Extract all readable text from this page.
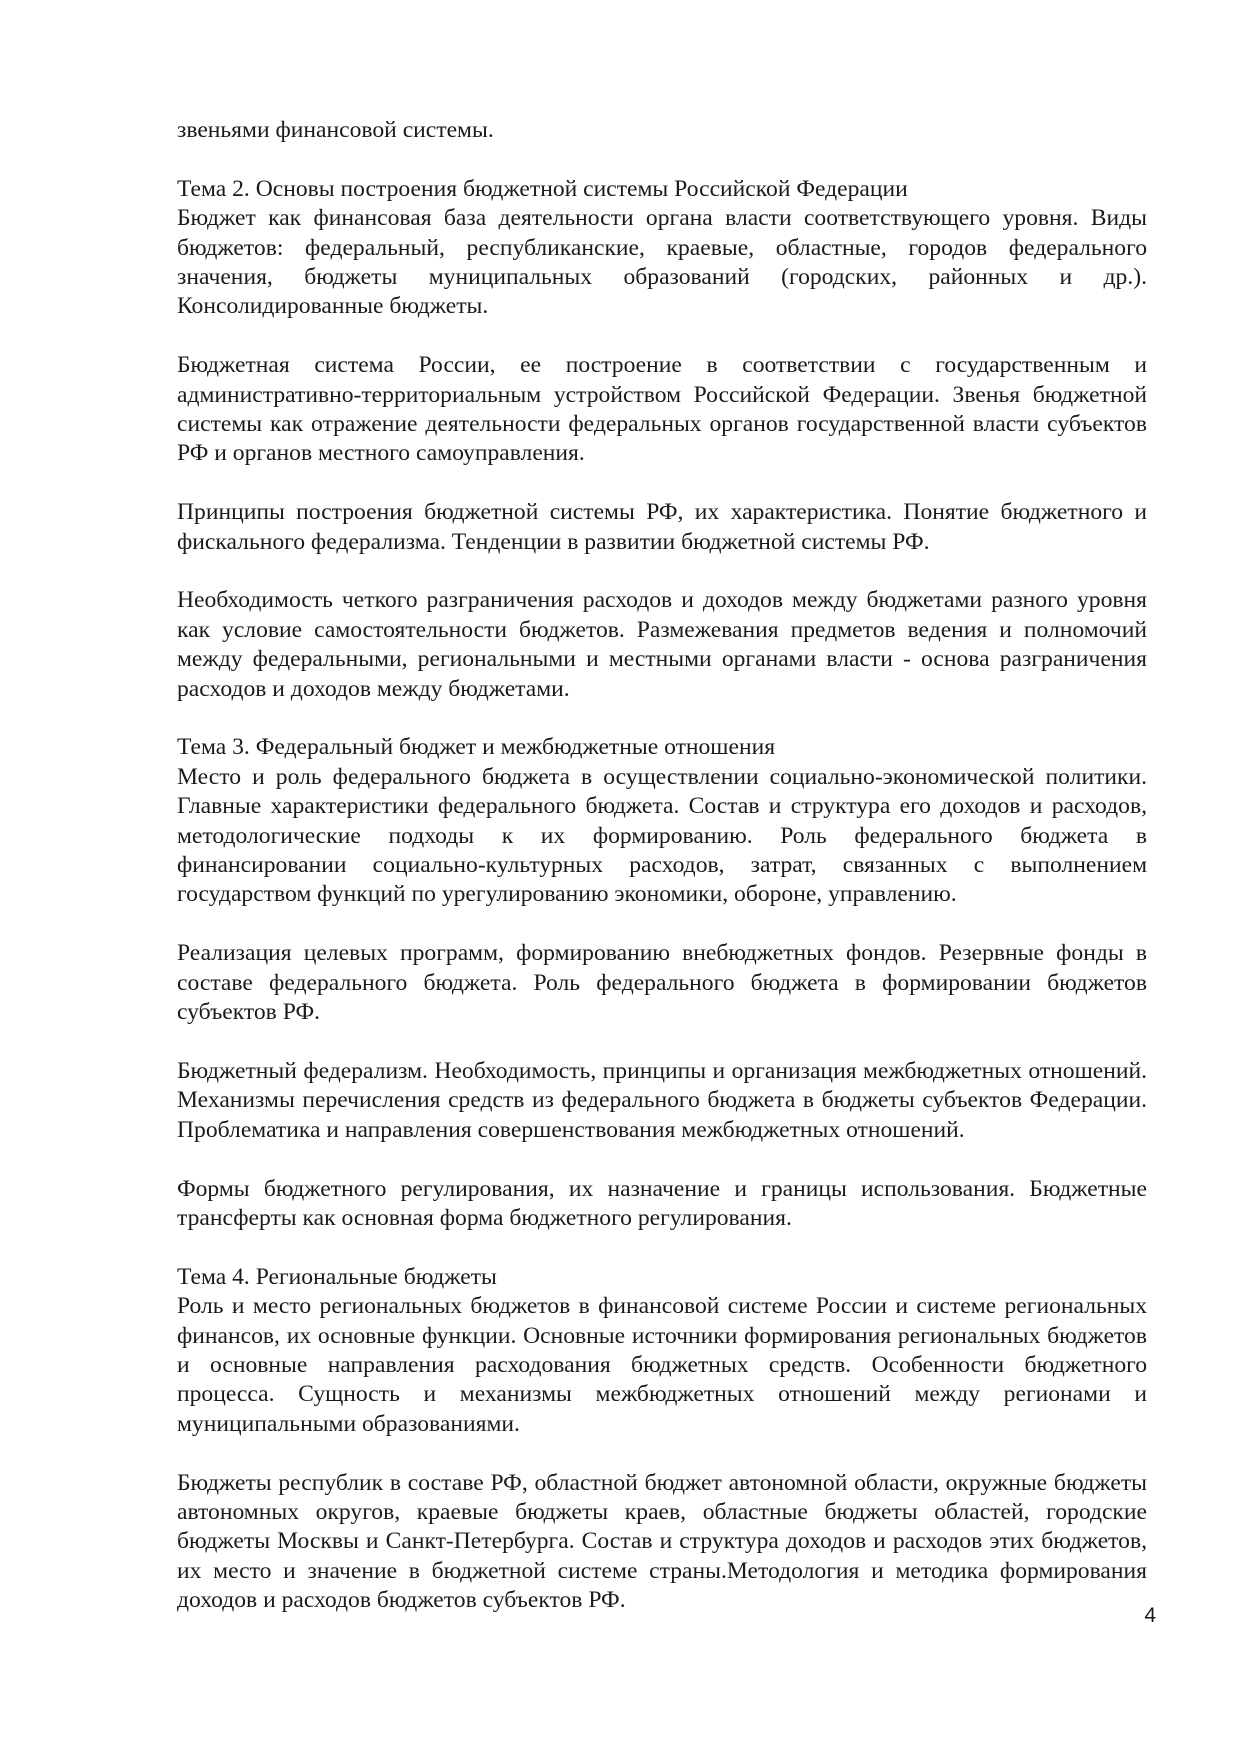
звеньями финансовой системы.

Тема 2. Основы построения бюджетной системы Российской Федерации
Бюджет как финансовая база деятельности органа власти соответствующего уровня. Виды бюджетов: федеральный, республиканские, краевые, областные, городов федерального значения, бюджеты муниципальных образований (городских, районных и др.). Консолидированные бюджеты.

Бюджетная система России, ее построение в соответствии с государственным и административно-территориальным устройством Российской Федерации. Звенья бюджетной системы как отражение деятельности федеральных органов государственной власти субъектов РФ и органов местного самоуправления.

Принципы построения бюджетной системы РФ, их характеристика. Понятие бюджетного и фискального федерализма. Тенденции в развитии бюджетной системы РФ.

Необходимость четкого разграничения расходов и доходов между бюджетами разного уровня как условие самостоятельности бюджетов. Размежевания предметов ведения и полномочий между федеральными, региональными и местными органами власти - основа разграничения расходов и доходов между бюджетами.

Тема 3. Федеральный бюджет и межбюджетные отношения
Место и роль федерального бюджета в осуществлении социально-экономической политики. Главные характеристики федерального бюджета. Состав и структура его доходов и расходов, методологические подходы к их формированию. Роль федерального бюджета в финансировании социально-культурных расходов, затрат, связанных с выполнением государством функций по урегулированию экономики, обороне, управлению.

Реализация целевых программ, формированию внебюджетных фондов. Резервные фонды в составе федерального бюджета. Роль федерального бюджета в формировании бюджетов субъектов РФ.

Бюджетный федерализм. Необходимость, принципы и организация межбюджетных отношений. Механизмы перечисления средств из федерального бюджета в бюджеты субъектов Федерации. Проблематика и направления совершенствования межбюджетных отношений.

Формы бюджетного регулирования, их назначение и границы использования. Бюджетные трансферты как основная форма бюджетного регулирования.

Тема 4. Региональные бюджеты
Роль и место региональных бюджетов в финансовой системе России и системе региональных финансов, их основные функции. Основные источники формирования региональных бюджетов и основные направления расходования бюджетных средств. Особенности бюджетного процесса. Сущность и механизмы межбюджетных отношений между регионами и муниципальными образованиями.

Бюджеты республик в составе РФ, областной бюджет автономной области, окружные бюджеты автономных округов, краевые бюджеты краев, областные бюджеты областей, городские бюджеты Москвы и Санкт-Петербурга. Состав и структура доходов и расходов этих бюджетов, их место и значение в бюджетной системе страны.Методология и методика формирования доходов и расходов бюджетов субъектов РФ.

4
